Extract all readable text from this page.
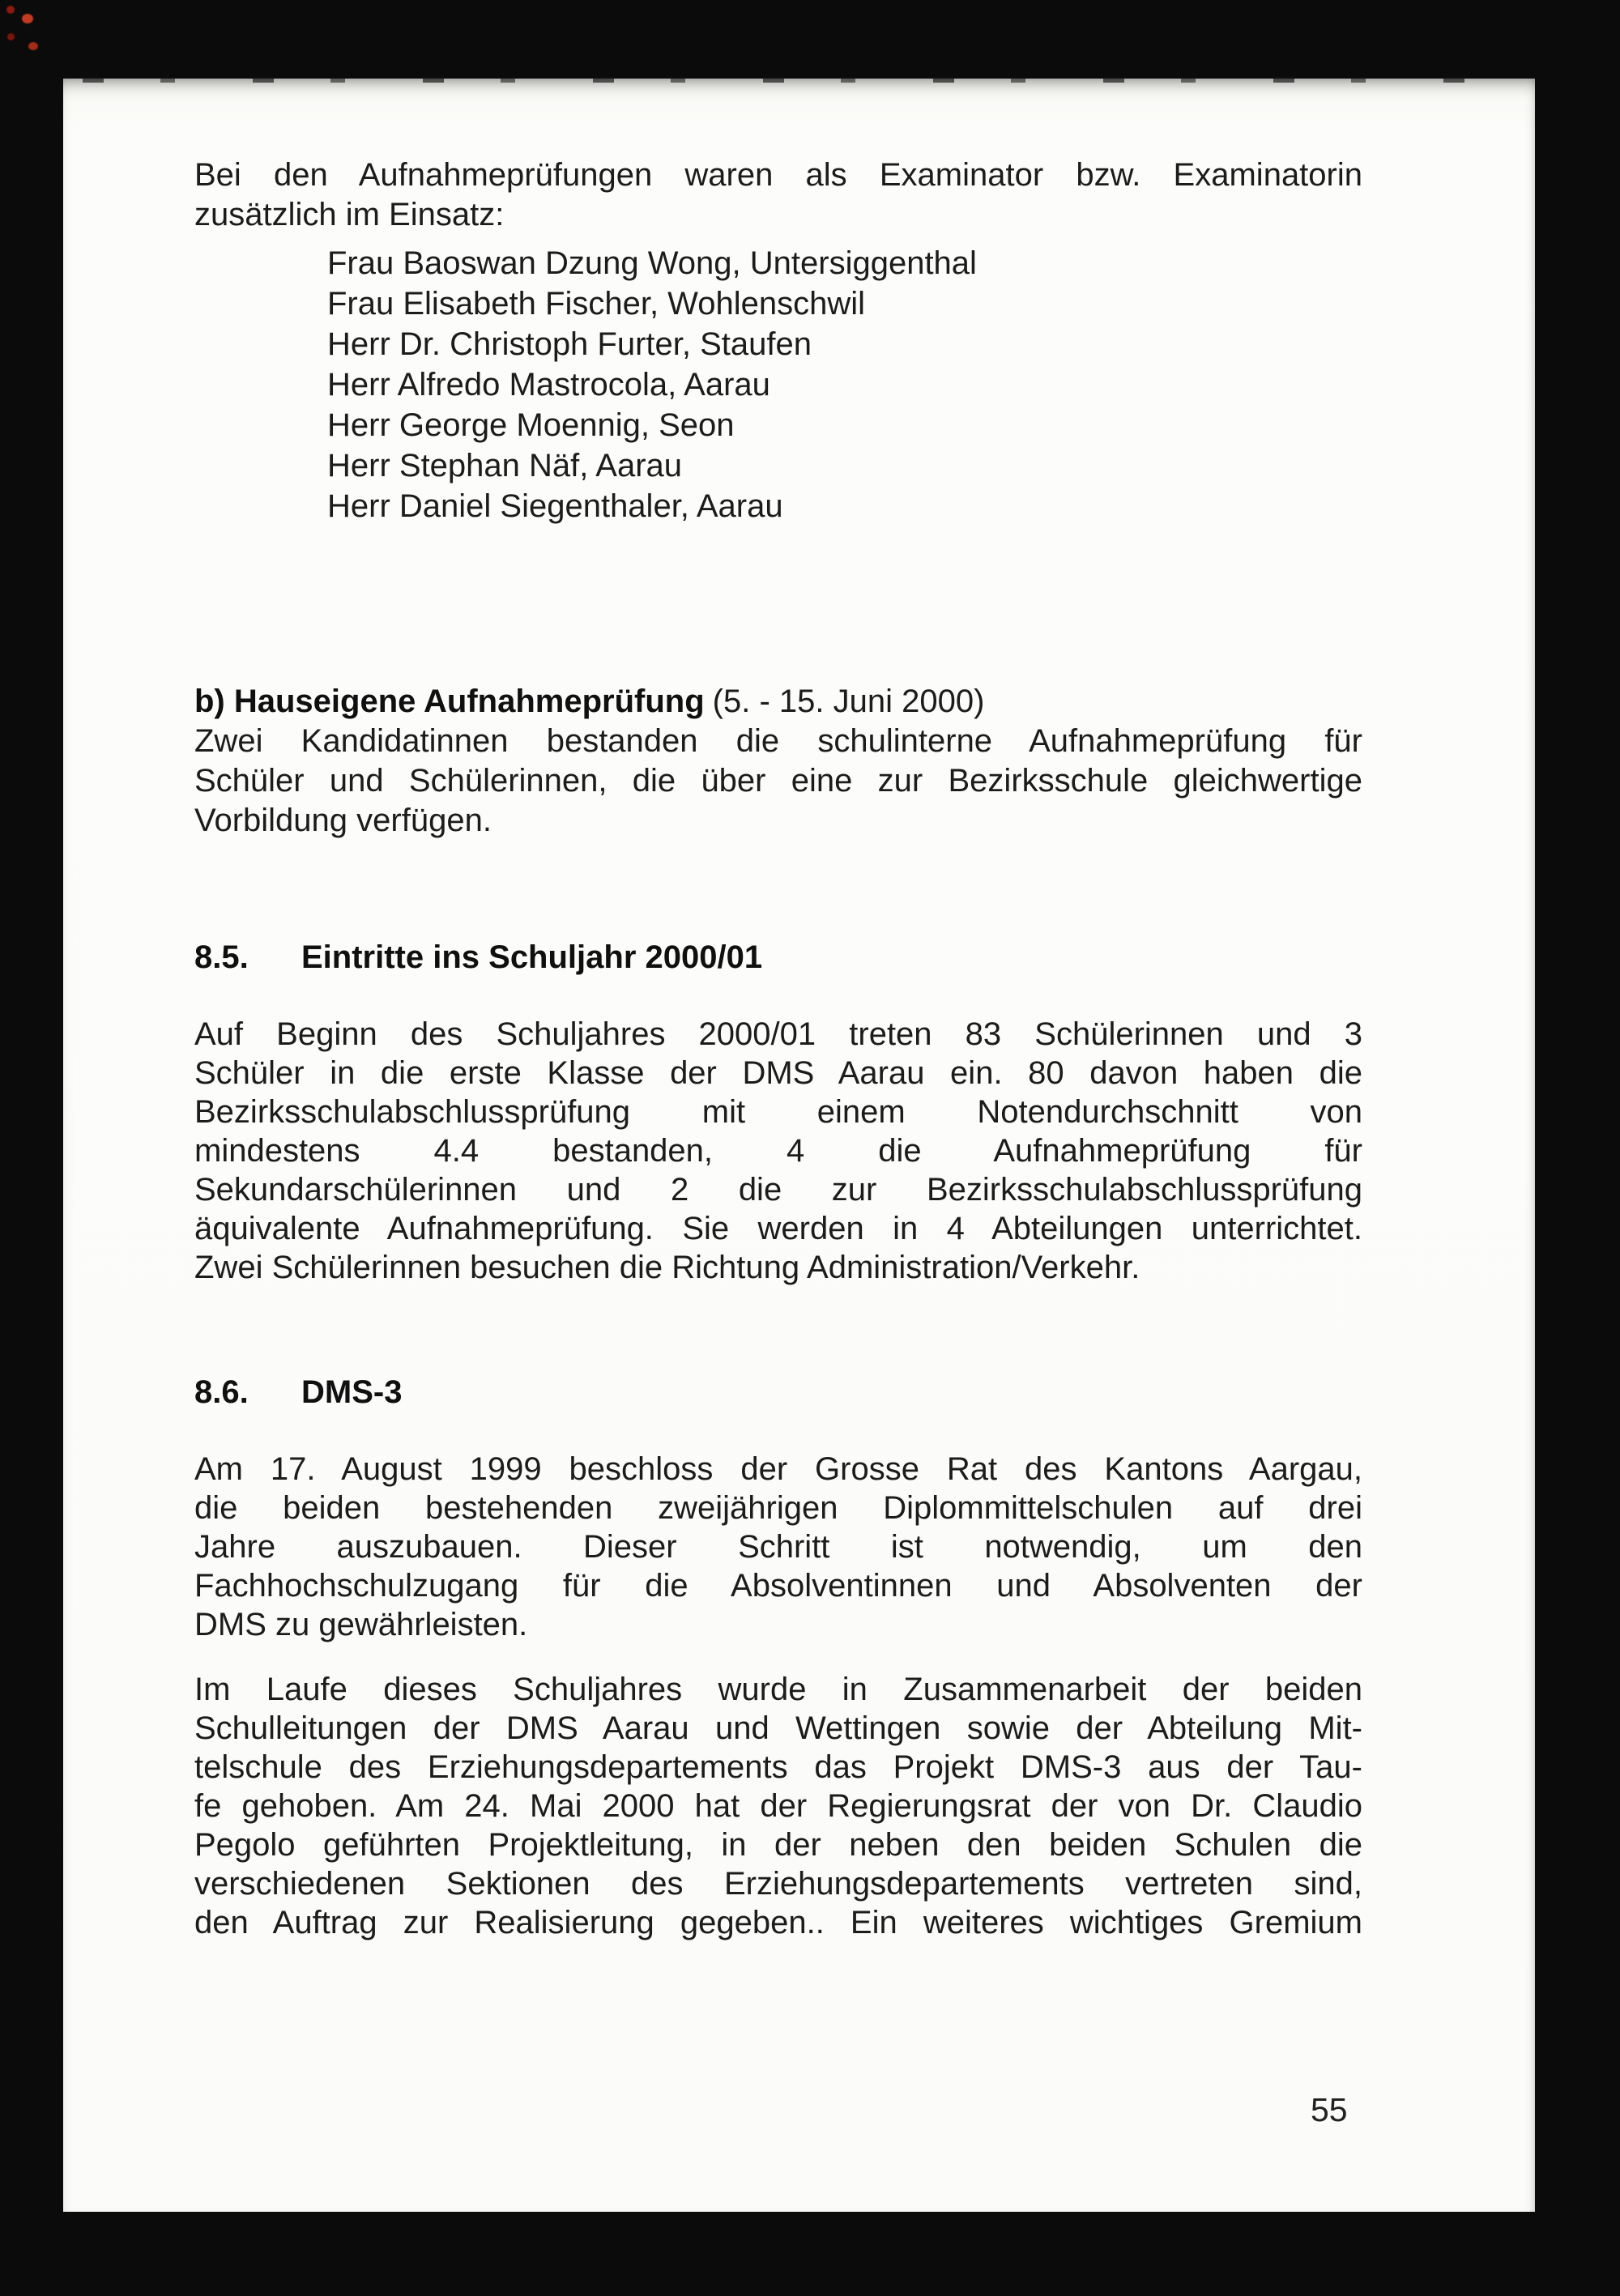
Bei den Aufnahmeprüfungen waren als Examinator bzw. Examinatorin
zusätzlich im Einsatz:
Frau Baoswan Dzung Wong, Untersiggenthal
Frau Elisabeth Fischer, Wohlenschwil
Herr Dr. Christoph Furter, Staufen
Herr Alfredo Mastrocola, Aarau
Herr George Moennig, Seon
Herr Stephan Näf, Aarau
Herr Daniel Siegenthaler, Aarau
b) Hauseigene Aufnahmeprüfung (5. - 15. Juni 2000)
Zwei Kandidatinnen bestanden die schulinterne Aufnahmeprüfung für
Schüler und Schülerinnen, die über eine zur Bezirksschule gleichwertige
Vorbildung verfügen.
8.5. Eintritte ins Schuljahr 2000/01
Auf Beginn des Schuljahres 2000/01 treten 83 Schülerinnen und 3
Schüler in die erste Klasse der DMS Aarau ein. 80 davon haben die
Bezirksschulabschlussprüfung mit einem Notendurchschnitt von
mindestens 4.4 bestanden, 4 die Aufnahmeprüfung für
Sekundarschülerinnen und 2 die zur Bezirksschulabschlussprüfung
äquivalente Aufnahmeprüfung. Sie werden in 4 Abteilungen unterrichtet.
Zwei Schülerinnen besuchen die Richtung Administration/Verkehr.
8.6. DMS-3
Am 17. August 1999 beschloss der Grosse Rat des Kantons Aargau,
die beiden bestehenden zweijährigen Diplommittelschulen auf drei
Jahre auszubauen. Dieser Schritt ist notwendig, um den
Fachhochschulzugang für die Absolventinnen und Absolventen der
DMS zu gewährleisten.
Im Laufe dieses Schuljahres wurde in Zusammenarbeit der beiden
Schulleitungen der DMS Aarau und Wettingen sowie der Abteilung Mit-
telschule des Erziehungsdepartements das Projekt DMS-3 aus der Tau-
fe gehoben. Am 24. Mai 2000 hat der Regierungsrat der von Dr. Claudio
Pegolo geführten Projektleitung, in der neben den beiden Schulen die
verschiedenen Sektionen des Erziehungsdepartements vertreten sind,
den Auftrag zur Realisierung gegeben.. Ein weiteres wichtiges Gremium
55
